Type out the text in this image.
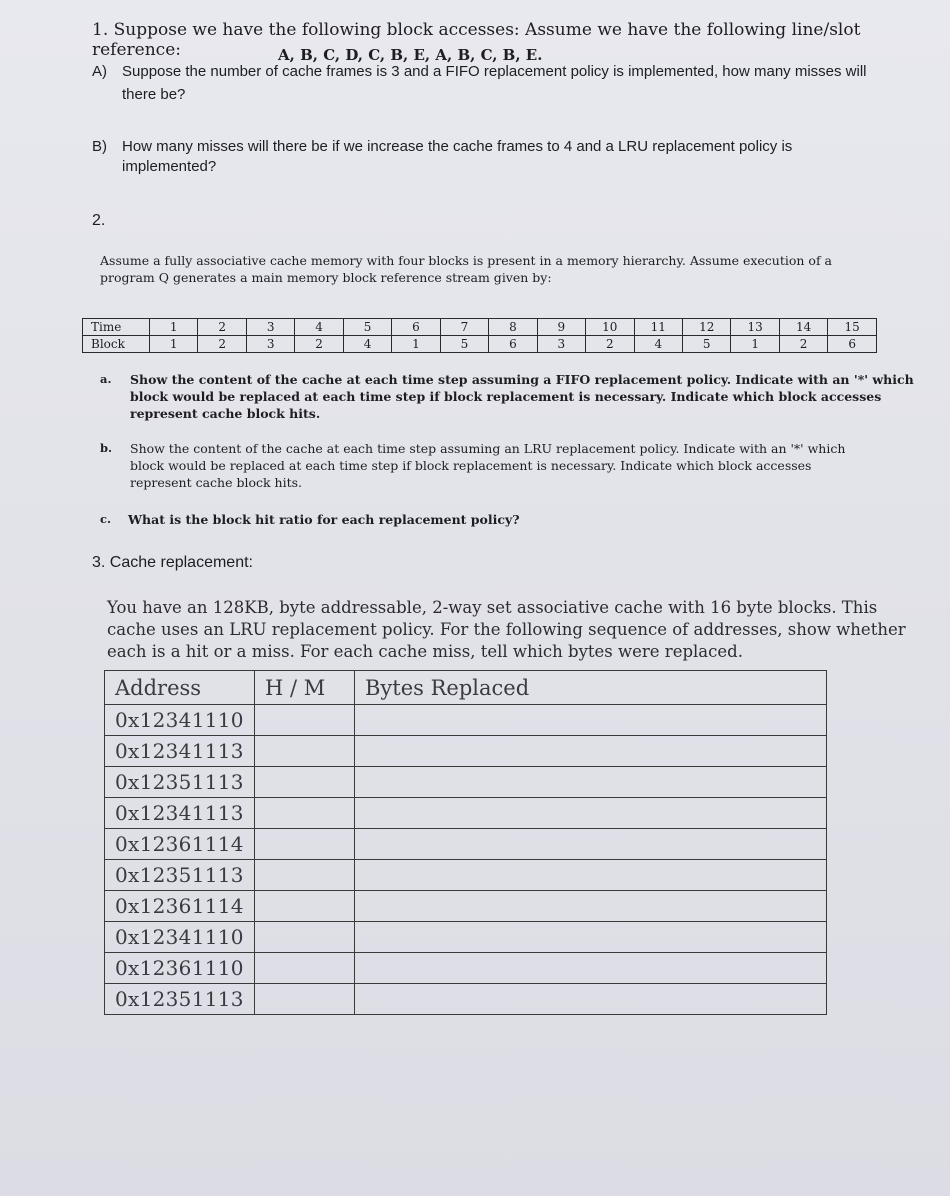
1. Suppose we have the following block accesses: Assume we have the following line/slot reference:	A, B, C, D, C, B, E, A, B, C, B, E.
A) Suppose the number of cache frames is 3 and a FIFO replacement policy is implemented, how many misses will
there be?
B) How many misses will there be if we increase the cache frames to 4 and a LRU replacement policy is
implemented?
2.
Assume a fully associative cache memory with four blocks is present in a memory hierarchy. Assume execution of a
program Q generates a main memory block reference stream given by:
Time	1	2	3	4	5	6	7	8	9	10	11	12	13	14	15
Block	1	2	3	2	4	1	5	6	3	2	4	5	1	2	6
a. Show the content of the cache at each time step assuming a FIFO replacement policy. Indicate with an '*' which
block would be replaced at each time step if block replacement is necessary. Indicate which block accesses
represent cache block hits.
b. Show the content of the cache at each time step assuming an LRU replacement policy. Indicate with an '*' which
block would be replaced at each time step if block replacement is necessary. Indicate which block accesses
represent cache block hits.
c. What is the block hit ratio for each replacement policy?
3. Cache replacement:
You have an 128KB, byte addressable, 2-way set associative cache with 16 byte blocks. This
cache uses an LRU replacement policy. For the following sequence of addresses, show whether
each is a hit or a miss. For each cache miss, tell which bytes were replaced.
Address	H / M	Bytes Replaced
0x12341110		
0x12341113		
0x12351113		
0x12341113		
0x12361114		
0x12351113		
0x12361114		
0x12341110		
0x12361110		
0x12351113		
